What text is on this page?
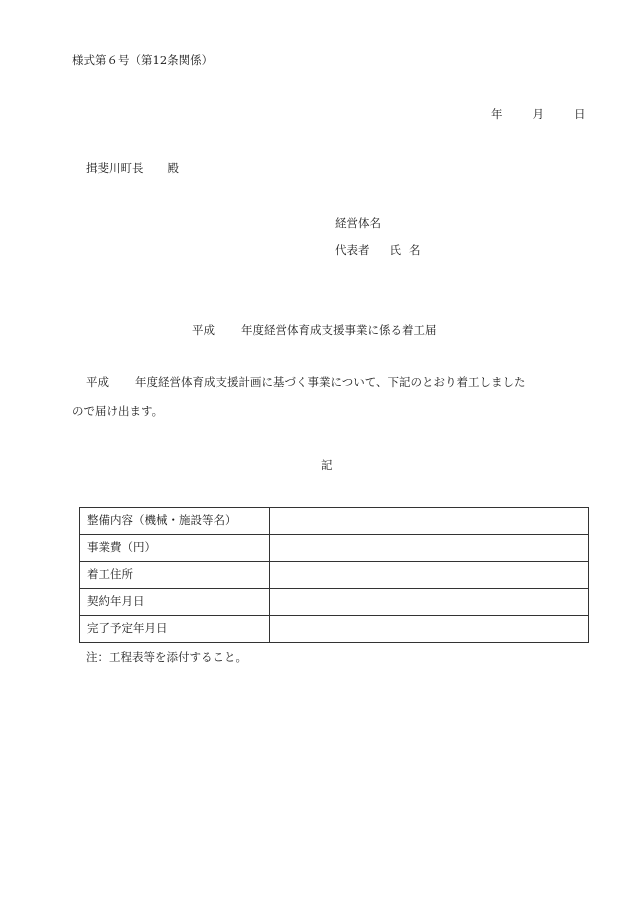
様式第６号（第12条関係）
年	月	日
揖斐川町長 殿
経営体名
代表者 氏 名
平成 年度経営体育成支援事業に係る着工届
平成 年度経営体育成支援計画に基づく事業について、下記のとおり着工しました
ので届け出ます。
記
整備内容（機械・施設等名）	
事業費（円）	
着工住所	
契約年月日	
完了予定年月日	
注：工程表等を添付すること。
